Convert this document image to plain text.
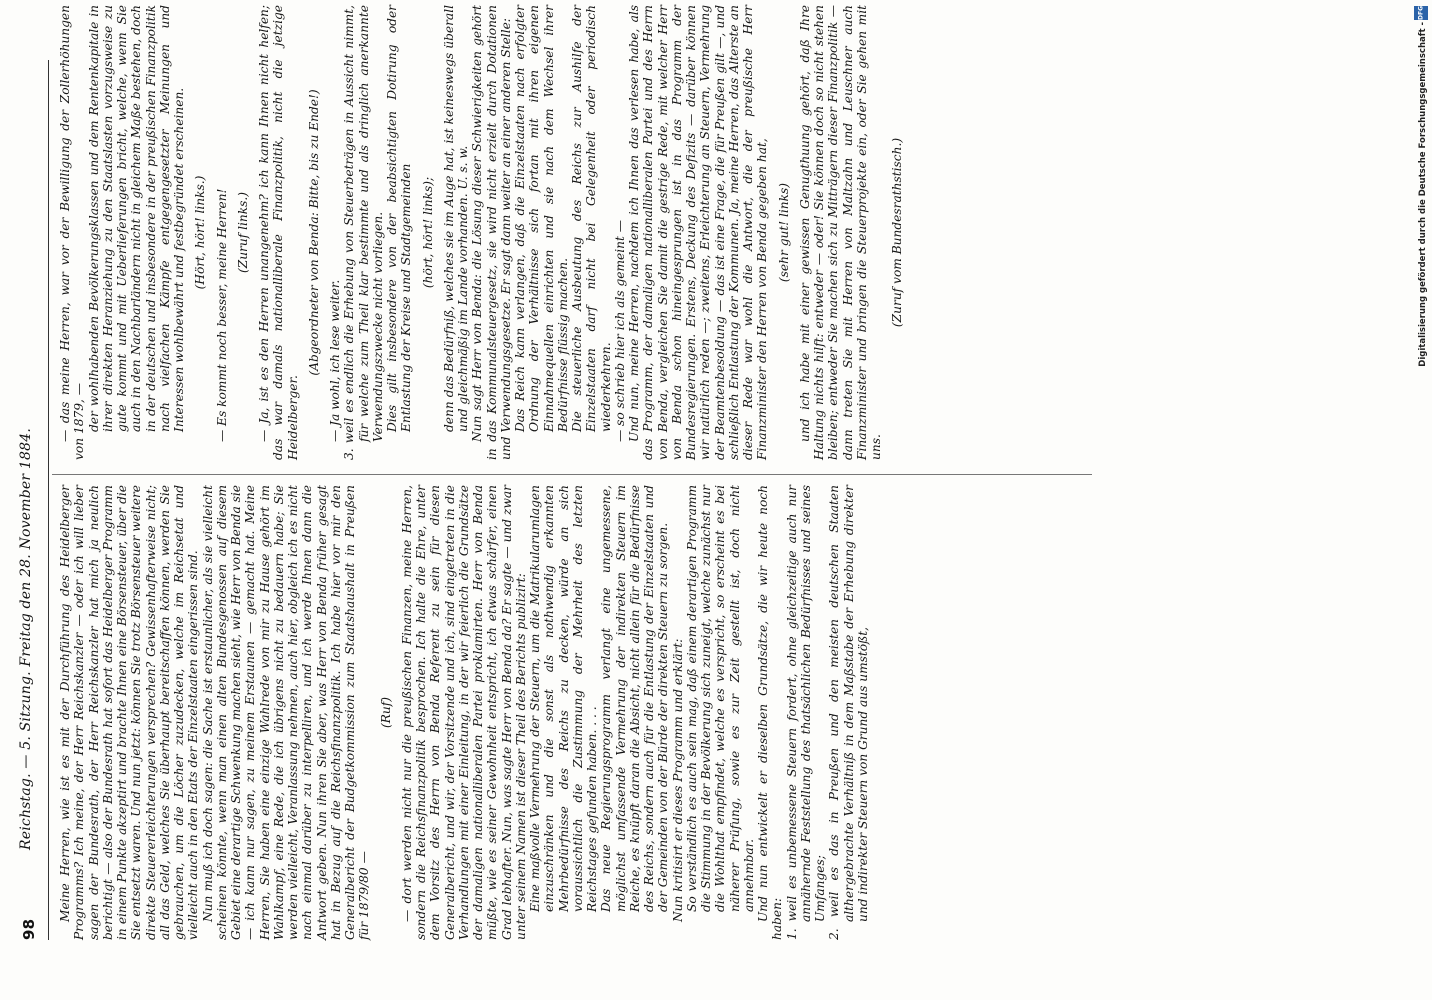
98
Reichstag. — 5. Sitzung. Freitag den 28. November 1884. Meine Herren, wie ist es mit der Durchführung des Heidelberger Programms? Ich meine, der Herr Reichskanzler — oder ich will lieber sagen der Bundesrath, der Herr Reichskanzler hat mich ja neulich berichtigt — also der Bundesrath hat sofort das Heidelberger Programm in einem Punkte akzeptirt und brachte Ihnen eine Börsensteuer, über die Sie entsetzt waren. Und nun jetzt: können Sie trotz Börsensteuer weitere direkte Steuererleichterungen versprechen? Gewissenhafterweise nicht; all das Geld, welches Sie überhaupt bereitschaffen können, werden Sie gebrauchen, um die Löcher zuzudecken, welche im Reichsetat und vielleicht auch in den Etats der Einzelstaaten eingerissen sind. Nun muß ich doch sagen: die Sache ist erstaunlicher, als sie vielleicht scheinen könnte, wenn man einen alten Bundesgenossen auf diesem Gebiet eine derartige Schwenkung machen sieht, wie Herr von Benda sie — ich kann nur sagen, zu meinem Erstaunen — gemacht hat. Meine Herren, Sie haben eine einzige Wahlrede von mir zu Hause gehört im Wahlkampf, eine Rede, die ich übrigens nicht zu bedauern habe; Sie werden vielleicht, Veranlassung nehmen, auch hier, obgleich ich es nicht nach einmal darüber zu interpelliren, und ich werde Ihnen dann die Antwort geben. Nun ihren Sie aber, was Herr von Benda früher gesagt hat in Bezug auf die Reichsfinanzpolitik. Ich habe hier vor mir den Generalbericht der Budgetkommission zum Staatshaushalt in Preußen für 1879/80 —

(Ruf) — dort werden nicht nur die preußischen Finanzen, meine Herren, sondern die Reichsfinanzpolitik besprochen. Ich halte die Ehre, unter dem Vorsitz des Herrn von Benda Referent zu sein für diesen Generalbericht, und wir, der Vorsitzende und ich, sind eingetreten in die Verhandlungen mit einer Einleitung, in der wir feierlich die Grundsätze der damaligen nationalliberalen Partei proklamirten. Herr von Benda müßte, wie es seiner Gewohnheit entspricht, ich etwas schärfer, einen Grad lebhafter. Nun, was sagte Herr von Benda da? Er sagte — und zwar unter seinem Namen ist dieser Theil des Berichts publizirt: Eine maßvolle Vermehrung der Steuern, um die Matrikularumlagen einzuschränken und die sonst als nothwendig erkannten Mehrbedürfnisse des Reichs zu decken, würde an sich voraussichtlich die Zustimmung der Mehrheit des letzten Reichstages gefunden haben. . . . Das neue Regierungsprogramm verlangt eine ungemessene, möglichst umfassende Vermehrung der indirekten Steuern im Reiche, es knüpft daran die Absicht, nicht allein für die Bedürfnisse des Reichs, sondern auch für die Entlastung der Einzelstaaten und der Gemeinden von der Bürde der direkten Steuern zu sorgen. Nun kritisirt er dieses Programm und erklärt: So verständlich es auch sein mag, daß einem derartigen Programm die Stimmung in der Bevölkerung sich zuneigt, welche zunächst nur die Wohlthat empfindet, welche es verspricht, so erscheint es bei näherer Prüfung, sowie es zur Zeit gestellt ist, doch nicht annehmbar. Und nun entwickelt er dieselben Grundsätze, die wir heute noch haben: 1. weil es unbemessene Steuern fordert, ohne gleichzeitige auch nur annähernde Feststellung des thatsächlichen Bedürfnisses und seines Umfanges; 2. weil es das in Preußen und den meisten deutschen Staaten althergebrachte Verhältniß in dem Maßstabe der Erhebung direkter und indirekter Steuern von Grund aus umstößt,

— das meine Herren, war vor der Bewilligung der Zollerhöhungen von 1879, — der wohlhabenden Bevölkerungsklassen und dem Rentenkapitale in ihrer direkten Heranziehung zu den Staatslasten vorzugsweise zu gute kommt und mit Ueberlieferungen bricht, welche, wenn Sie auch in den Nachbarländern nicht in gleichem Maße bestehen, doch in der deutschen und insbesondere in der preußischen Finanzpolitik nach vielfachen Kämpfe entgegengesetzter Meinungen und Interessen wohlbewährt und festbegründet erscheinen. (Hört, hört! links.) — Es kommt noch besser, meine Herren! (Zuruf links.) — Ja, ist es den Herren unangenehm? ich kann Ihnen nicht helfen; das war damals nationalliberale Finanzpolitik, nicht die jetzige Heidelberger.

(Abgeordneter von Benda: Bitte, bis zu Ende!) — Ja wohl, ich lese weiter. 3. weil es endlich die Erhebung von Steuerbeträgen in Aussicht nimmt, für welche zum Theil klar bestimmte und als dringlich anerkannte Verwendungszwecke nicht vorliegen. Dies gilt insbesondere von der beabsichtigten Dotirung oder Entlastung der Kreise und Stadtgemeinden (hört, hört! links); denn das Bedürfniß, welches sie im Auge hat, ist keineswegs überall und gleichmäßig im Lande vorhanden. U. s. w. Nun sagt Herr von Benda: die Lösung dieser Schwierigkeiten gehört in das Kommunalsteuergesetz, sie wird nicht erzielt durch Dotationen und Verwendungsgesetze. Er sagt dann weiter an einer anderen Stelle: Das Reich kann verlangen, daß die Einzelstaaten nach erfolgter Ordnung der Verhältnisse sich fortan mit ihren eigenen Einnahmequellen einrichten und sie nach dem Wechsel ihrer Bedürfnisse flüssig machen. Die steuerliche Ausbeutung des Reichs zur Aushilfe der Einzelstaaten darf nicht bei Gelegenheit oder periodisch wiederkehren. — so schrieb hier ich als gemeint — Und nun, meine Herren, nachdem ich Ihnen das verlesen habe, als das Programm, der damaligen nationalliberalen Partei und des Herrn von Benda, vergleichen Sie damit die gestrige Rede, mit welcher Herr von Benda schon hineingesprungen ist in das Programm der Bundesregierungen. Erstens, Deckung des Defizits — darüber können wir natürlich reden —; zweitens, Erleichterung an Steuern, Vermehrung der Beamtenbesoldung — das ist eine Frage, die für Preußen gilt —, und schließlich Entlastung der Kommunen. Ja, meine Herren, das Alterste an dieser Rede war wohl die Antwort, die der preußische Herr Finanzminister den Herren von Benda gegeben hat, (sehr gut! links) und ich habe mit einer gewissen Genugthuung gehört, daß Ihre Haltung nichts hilft: entweder — oder! Sie können doch so nicht stehen bleiben; entweder Sie machen sich zu Mitträgern dieser Finanzpolitik — dann treten Sie mit Herren von Maltzahn und Leuschner auch Finanzminister und bringen die Steuerprojekte ein, oder Sie gehen mit uns.

(Zuruf vom Bundesrathstisch.)

DFG
Digitalisierung gefördert durch die Deutsche Forschungsgemeinschaft -
